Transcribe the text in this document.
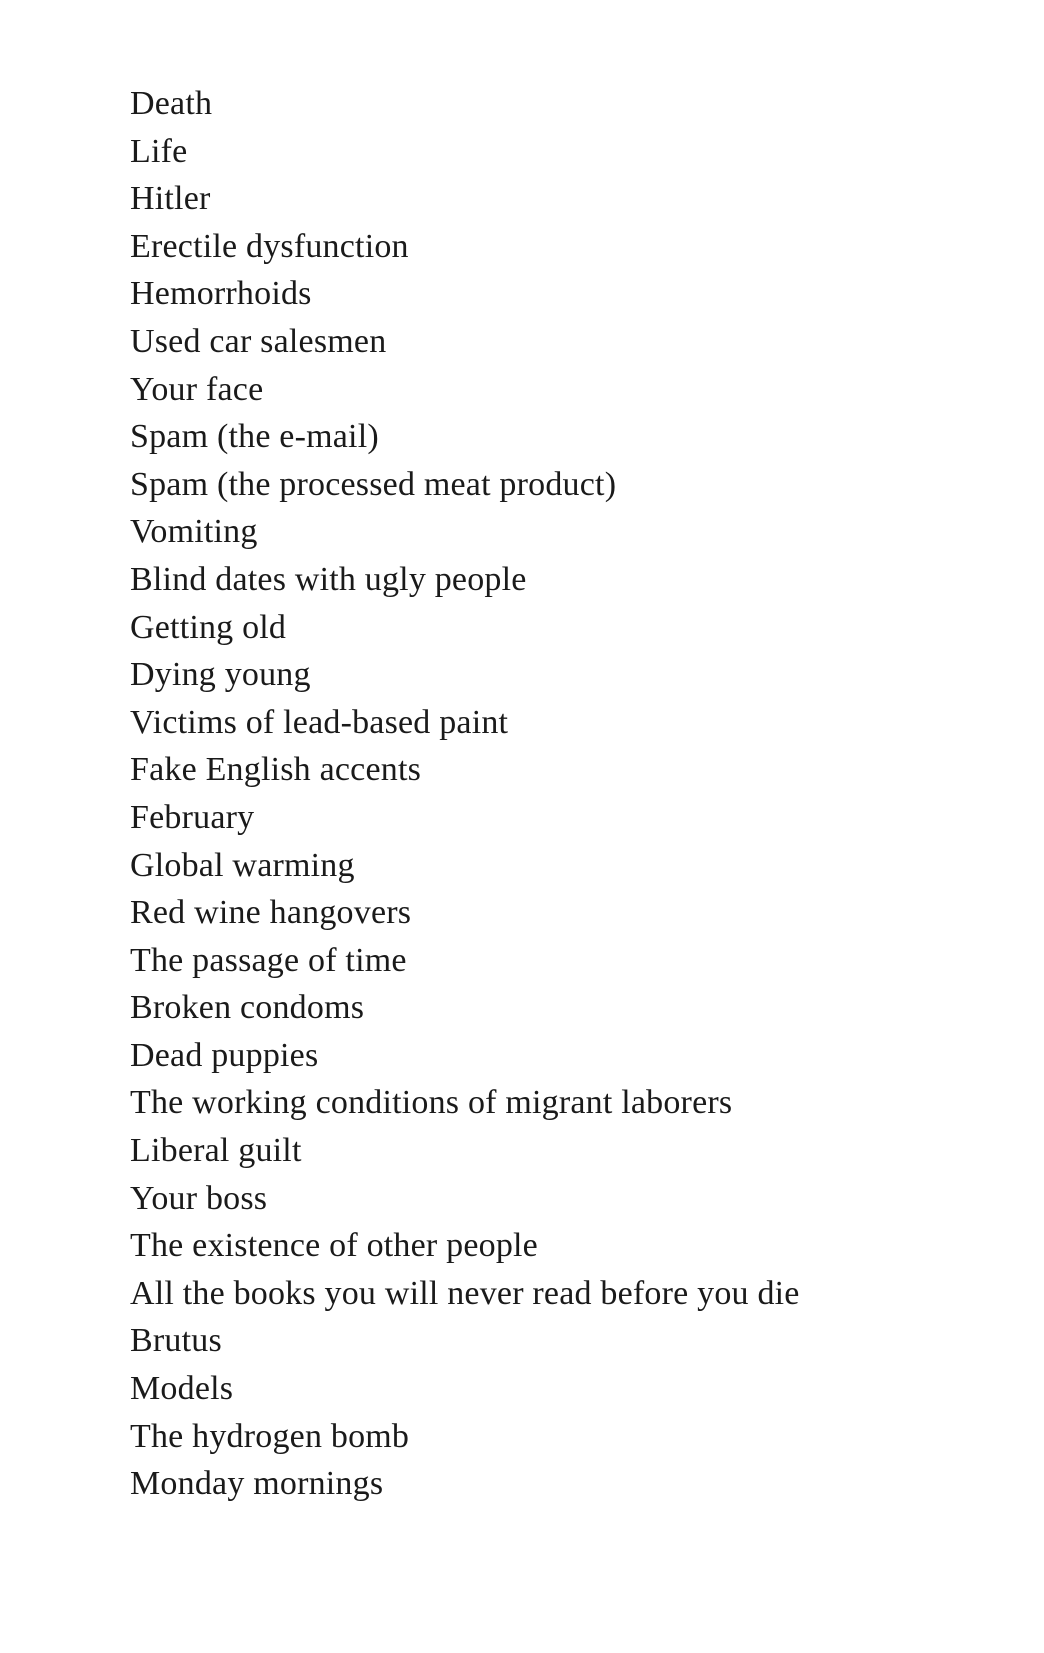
Death
Life
Hitler
Erectile dysfunction
Hemorrhoids
Used car salesmen
Your face
Spam (the e-mail)
Spam (the processed meat product)
Vomiting
Blind dates with ugly people
Getting old
Dying young
Victims of lead-based paint
Fake English accents
February
Global warming
Red wine hangovers
The passage of time
Broken condoms
Dead puppies
The working conditions of migrant laborers
Liberal guilt
Your boss
The existence of other people
All the books you will never read before you die
Brutus
Models
The hydrogen bomb
Monday mornings
